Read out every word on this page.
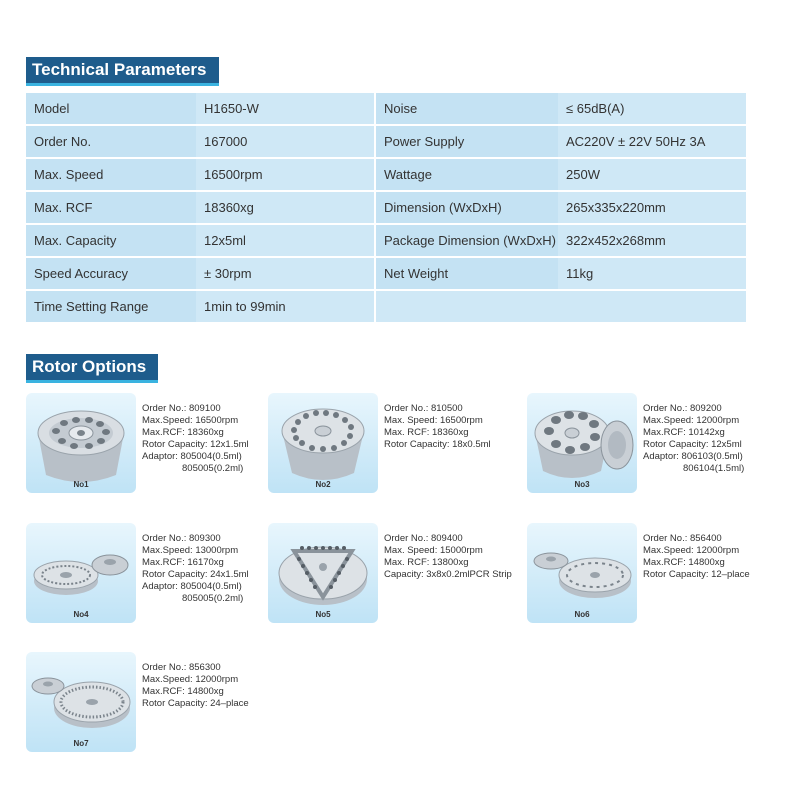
Technical Parameters
Model	H1650-W		Noise	≤ 65dB(A)
Order No.	167000		Power Supply	AC220V ± 22V 50Hz 3A
Max. Speed	16500rpm		Wattage	250W
Max. RCF	18360xg		Dimension (WxDxH)	265x335x220mm
Max. Capacity	12x5ml		Package Dimension (WxDxH)	322x452x268mm
Speed Accuracy	± 30rpm		Net Weight	11kg
Time Setting Range	1min to 99min			
Rotor Options
No1
Order No.: 809100
Max.Speed: 16500rpm
Max.RCF: 18360xg
Rotor Capacity: 12x1.5ml
Adaptor: 805004(0.5ml)
805005(0.2ml)
No2
Order No.: 810500
Max. Speed: 16500rpm
Max. RCF: 18360xg
Rotor Capacity: 18x0.5ml
No3
Order No.: 809200
Max.Speed: 12000rpm
Max.RCF: 10142xg
Rotor Capacity: 12x5ml
Adaptor: 806103(0.5ml)
806104(1.5ml)
No4
Order No.: 809300
Max.Speed: 13000rpm
Max.RCF: 16170xg
Rotor Capacity: 24x1.5ml
Adaptor: 805004(0.5ml)
805005(0.2ml)
No5
Order No.: 809400
Max. Speed: 15000rpm
Max. RCF: 13800xg
Capacity: 3x8x0.2mlPCR Strip
No6
Order No.: 856400
Max.Speed: 12000rpm
Max.RCF: 14800xg
Rotor Capacity: 12–place
No7
Order No.: 856300
Max.Speed: 12000rpm
Max.RCF: 14800xg
Rotor Capacity: 24–place
